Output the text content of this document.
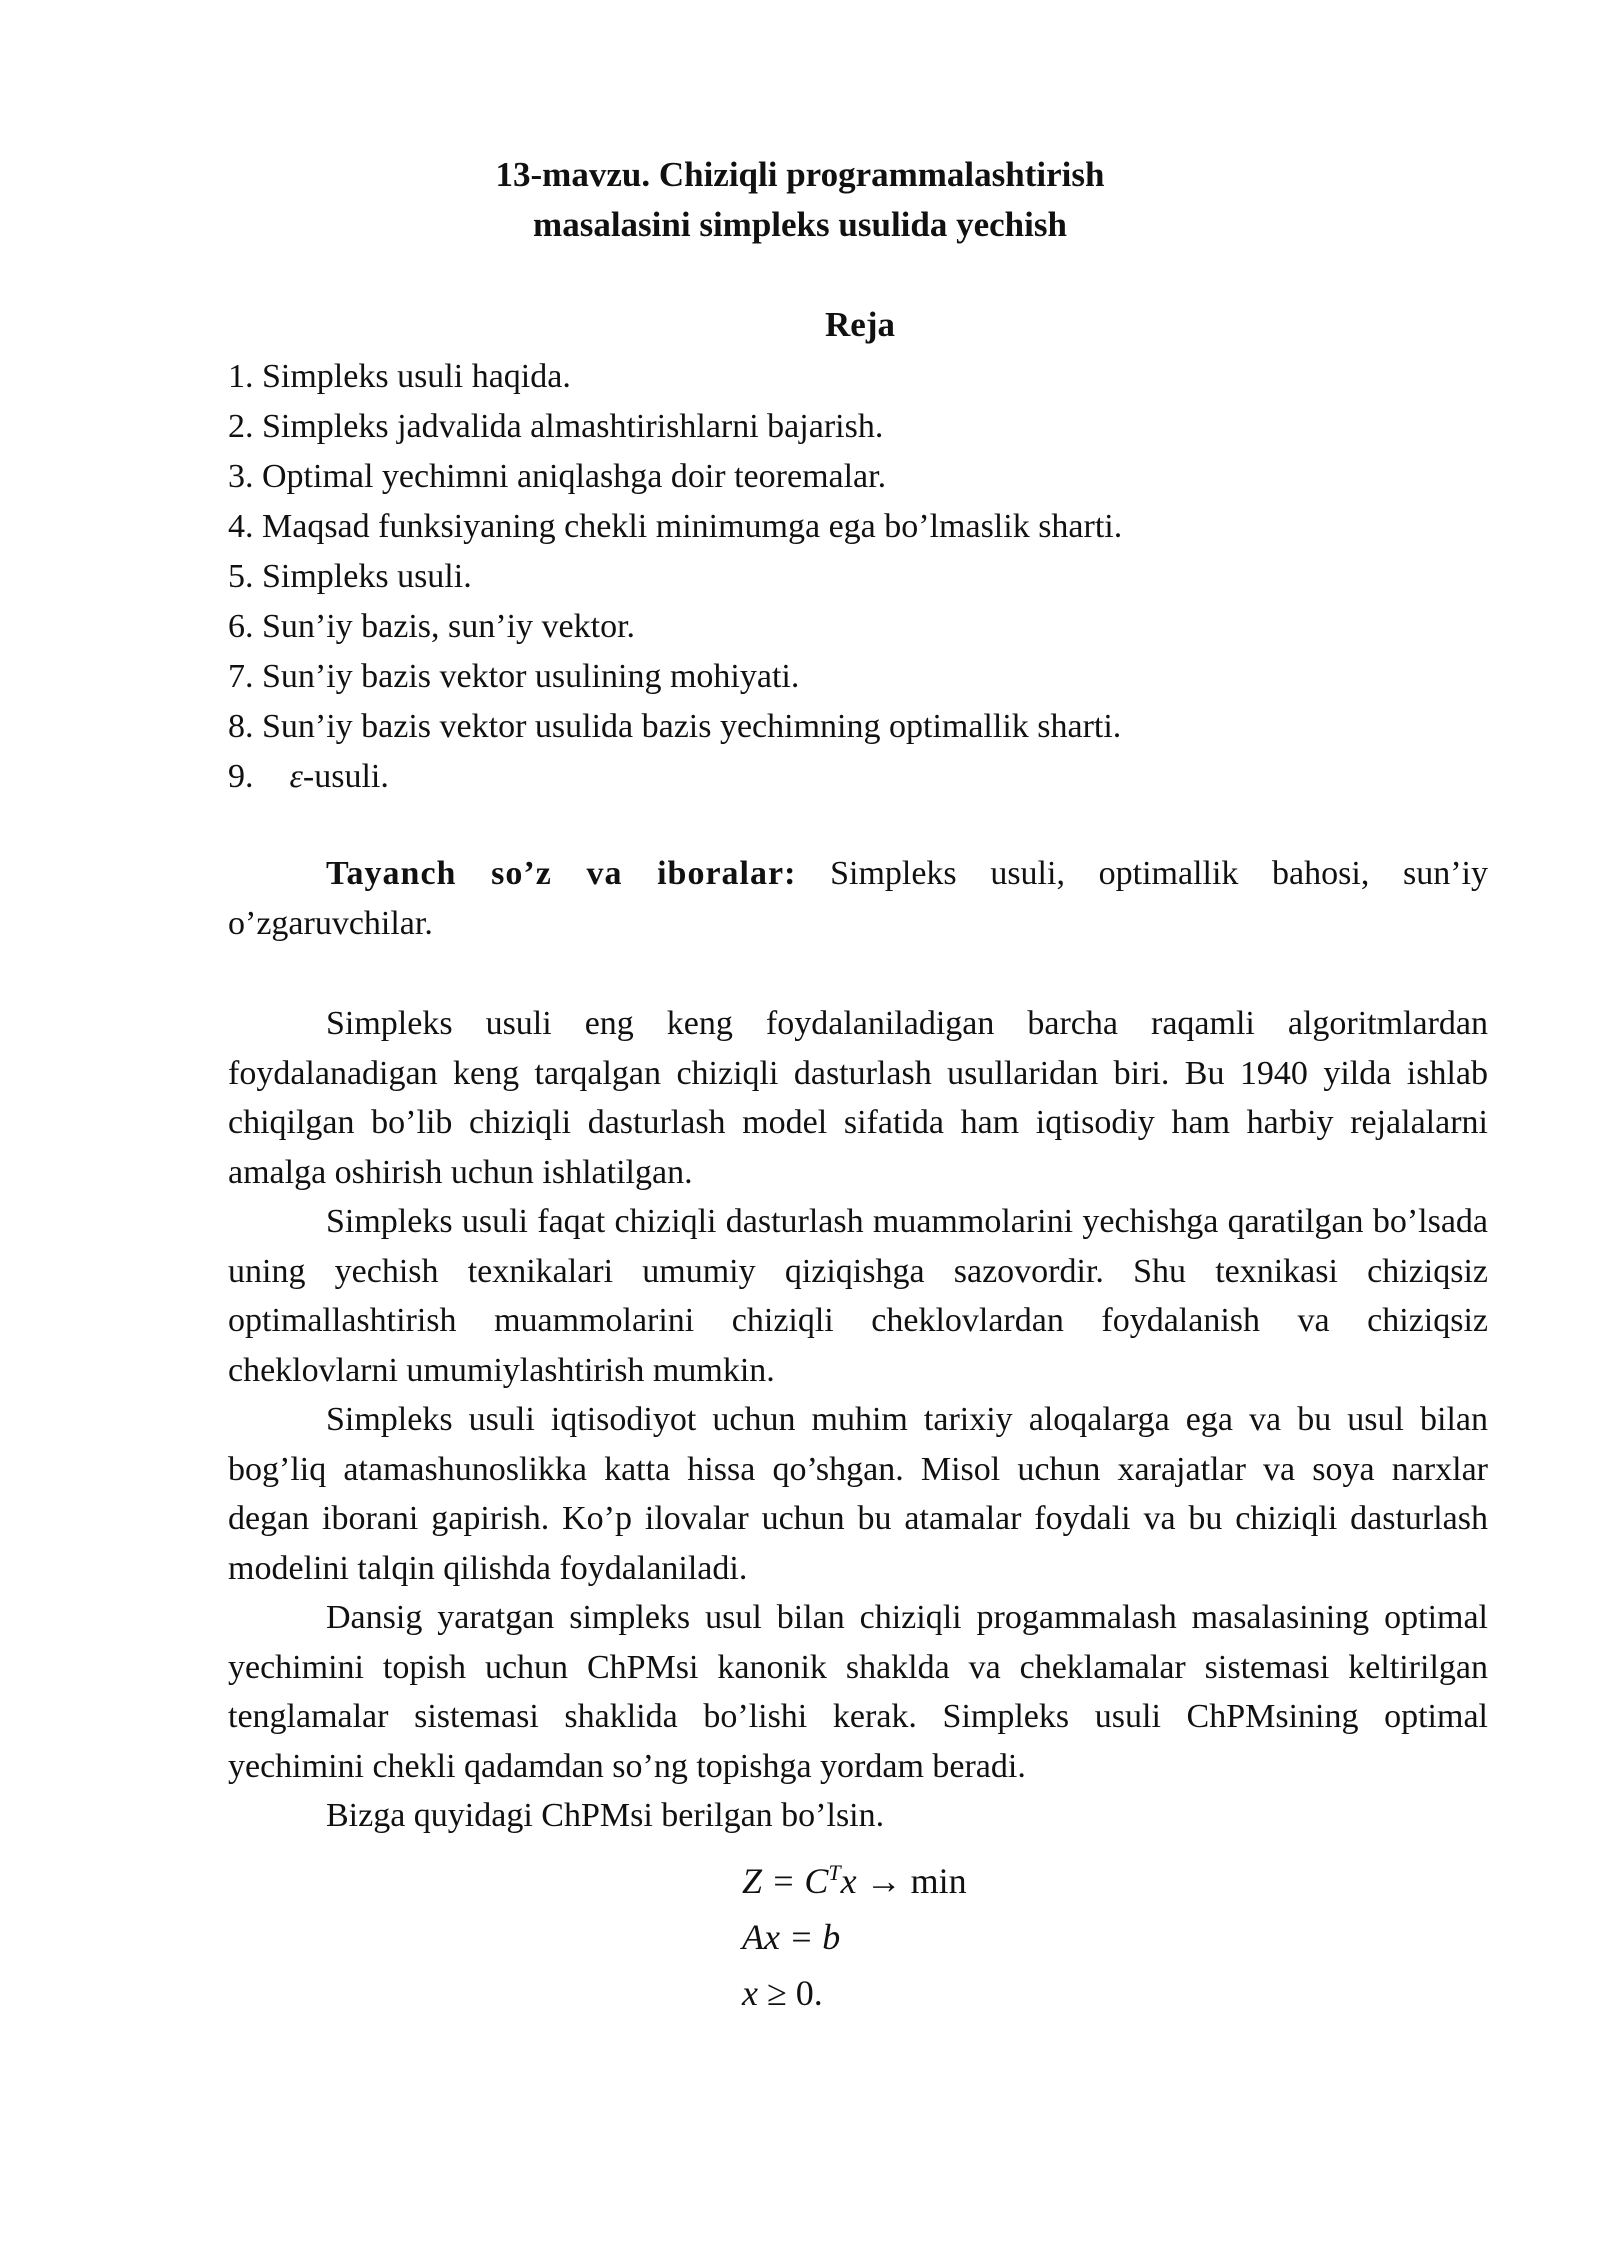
13-mavzu. Chiziqli programmalashtirish
masalasini simpleks usulida yechish
Reja
1. Simpleks usuli haqida.
2. Simpleks jadvalida almashtirishlarni bajarish.
3. Optimal yechimni aniqlashga doir teoremalar.
4. Maqsad funksiyaning chekli minimumga ega bo’lmaslik sharti.
5. Simpleks usuli.
6. Sun’iy bazis, sun’iy vektor.
7. Sun’iy bazis vektor usulining mohiyati.
8. Sun’iy bazis vektor usulida bazis yechimning optimallik sharti.
9. ε-usuli.
Tayanch so’z va iboralar: Simpleks usuli, optimallik bahosi, sun’iy o’zgaruvchilar.

Simpleks usuli eng keng foydalaniladigan barcha raqamli algoritmlardan foydalanadigan keng tarqalgan chiziqli dasturlash usullaridan biri. Bu 1940 yilda ishlab chiqilgan bo’lib chiziqli dasturlash model sifatida ham iqtisodiy ham harbiy rejalalarni amalga oshirish uchun ishlatilgan.

Simpleks usuli faqat chiziqli dasturlash muammolarini yechishga qaratilgan bo’lsada uning yechish texnikalari umumiy qiziqishga sazovordir. Shu texnikasi chiziqsiz optimallashtirish muammolarini chiziqli cheklovlardan foydalanish va chiziqsiz cheklovlarni umumiylashtirish mumkin.

Simpleks usuli iqtisodiyot uchun muhim tarixiy aloqalarga ega va bu usul bilan bog’liq atamashunoslikka katta hissa qo’shgan. Misol uchun xarajatlar va soya narxlar degan iborani gapirish. Ko’p ilovalar uchun bu atamalar foydali va bu chiziqli dasturlash modelini talqin qilishda foydalaniladi.

Dansig yaratgan simpleks usul bilan chiziqli progammalash masalasining optimal yechimini topish uchun ChPMsi kanonik shaklda va cheklamalar sistemasi keltirilgan tenglamalar sistemasi shaklida bo’lishi kerak. Simpleks usuli ChPMsining optimal yechimini chekli qadamdan so’ng topishga yordam beradi.

Bizga quyidagi ChPMsi berilgan bo’lsin.

$Z = C^Tx \to \min$
Ax = b
x ≥ 0.
